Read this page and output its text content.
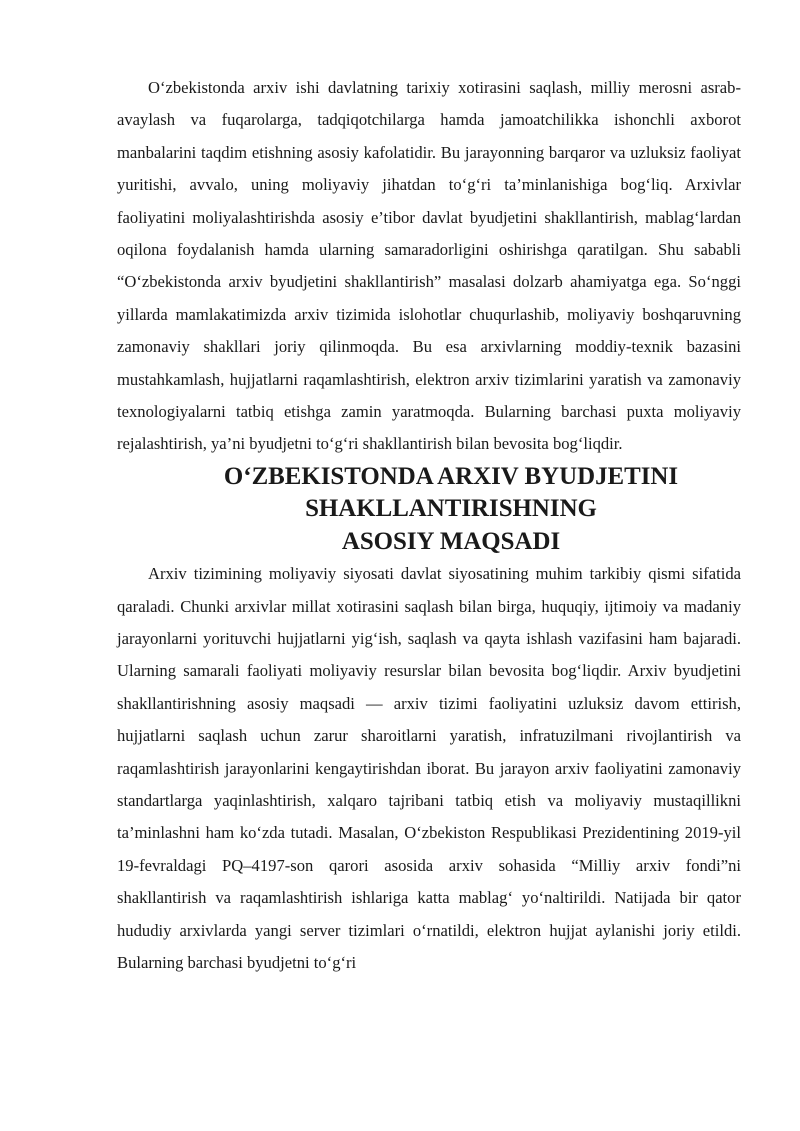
O‘zbekistonda arxiv ishi davlatning tarixiy xotirasini saqlash, milliy merosni asrab-avaylash va fuqarolarga, tadqiqotchilarga hamda jamoatchilikka ishonchli axborot manbalarini taqdim etishning asosiy kafolatidir. Bu jarayonning barqaror va uzluksiz faoliyat yuritishi, avvalo, uning moliyaviy jihatdan to‘g‘ri ta’minlanishiga bog‘liq. Arxivlar faoliyatini moliyalashtirishda asosiy e’tibor davlat byudjetini shakllantirish, mablag‘lardan oqilona foydalanish hamda ularning samaradorligini oshirishga qaratilgan. Shu sababli “O‘zbekistonda arxiv byudjetini shakllantirish” masalasi dolzarb ahamiyatga ega. So‘nggi yillarda mamlakatimizda arxiv tizimida islohotlar chuqurlashib, moliyaviy boshqaruvning zamonaviy shakllari joriy qilinmoqda. Bu esa arxivlarning moddiy-texnik bazasini mustahkamlash, hujjatlarni raqamlashtirish, elektron arxiv tizimlarini yaratish va zamonaviy texnologiyalarni tatbiq etishga zamin yaratmoqda. Bularning barchasi puxta moliyaviy rejalashtirish, ya’ni byudjetni to‘g‘ri shakllantirish bilan bevosita bog‘liqdir.

O‘ZBEKISTONDA ARXIV BYUDJETINI SHAKLLANTIRISHNING
ASOSIY MAQSADI

Arxiv tizimining moliyaviy siyosati davlat siyosatining muhim tarkibiy qismi sifatida qaraladi. Chunki arxivlar millat xotirasini saqlash bilan birga, huquqiy, ijtimoiy va madaniy jarayonlarni yorituvchi hujjatlarni yig‘ish, saqlash va qayta ishlash vazifasini ham bajaradi. Ularning samarali faoliyati moliyaviy resurslar bilan bevosita bog‘liqdir. Arxiv byudjetini shakllantirishning asosiy maqsadi — arxiv tizimi faoliyatini uzluksiz davom ettirish, hujjatlarni saqlash uchun zarur sharoitlarni yaratish, infratuzilmani rivojlantirish va raqamlashtirish jarayonlarini kengaytirishdan iborat. Bu jarayon arxiv faoliyatini zamonaviy standartlarga yaqinlashtirish, xalqaro tajribani tatbiq etish va moliyaviy mustaqillikni ta’minlashni ham ko‘zda tutadi. Masalan, O‘zbekiston Respublikasi Prezidentining 2019-yil 19-fevraldagi PQ–4197-son qarori asosida arxiv sohasida “Milliy arxiv fondi”ni shakllantirish va raqamlashtirish ishlariga katta mablag‘ yo‘naltirildi. Natijada bir qator hududiy arxivlarda yangi server tizimlari o‘rnatildi, elektron hujjat aylanishi joriy etildi. Bularning barchasi byudjetni to‘g‘ri
